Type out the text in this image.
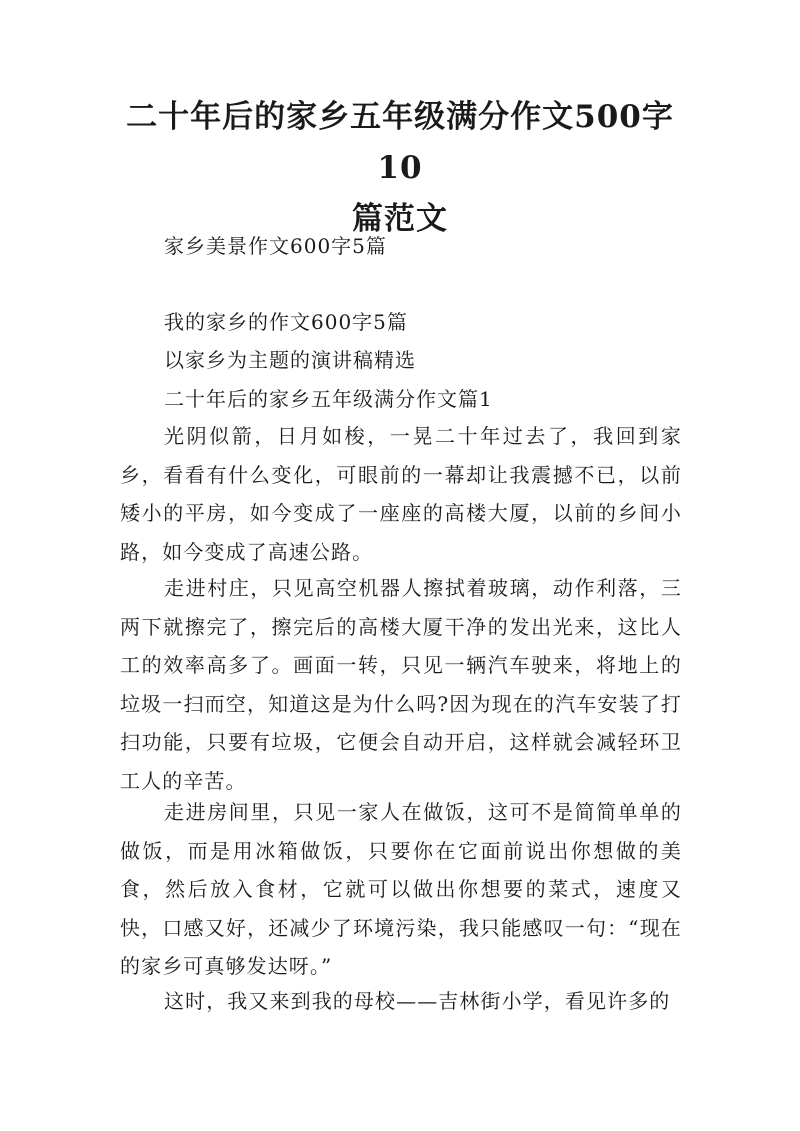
二十年后的家乡五年级满分作文500字10
篇范文
家乡美景作文600字5篇
我的家乡的作文600字5篇
以家乡为主题的演讲稿精选
二十年后的家乡五年级满分作文篇1

光阴似箭，日月如梭，一晃二十年过去了，我回到家乡，看看有什么变化，可眼前的一幕却让我震撼不已，以前矮小的平房，如今变成了一座座的高楼大厦，以前的乡间小路，如今变成了高速公路。

走进村庄，只见高空机器人擦拭着玻璃，动作利落，三两下就擦完了，擦完后的高楼大厦干净的发出光来，这比人工的效率高多了。画面一转，只见一辆汽车驶来，将地上的垃圾一扫而空，知道这是为什么吗?因为现在的汽车安装了打扫功能，只要有垃圾，它便会自动开启，这样就会减轻环卫工人的辛苦。

走进房间里，只见一家人在做饭，这可不是简简单单的做饭，而是用冰箱做饭，只要你在它面前说出你想做的美食，然后放入食材，它就可以做出你想要的菜式，速度又快，口感又好，还减少了环境污染，我只能感叹一句：“现在的家乡可真够发达呀。”

这时，我又来到我的母校——吉林街小学，看见许多的
